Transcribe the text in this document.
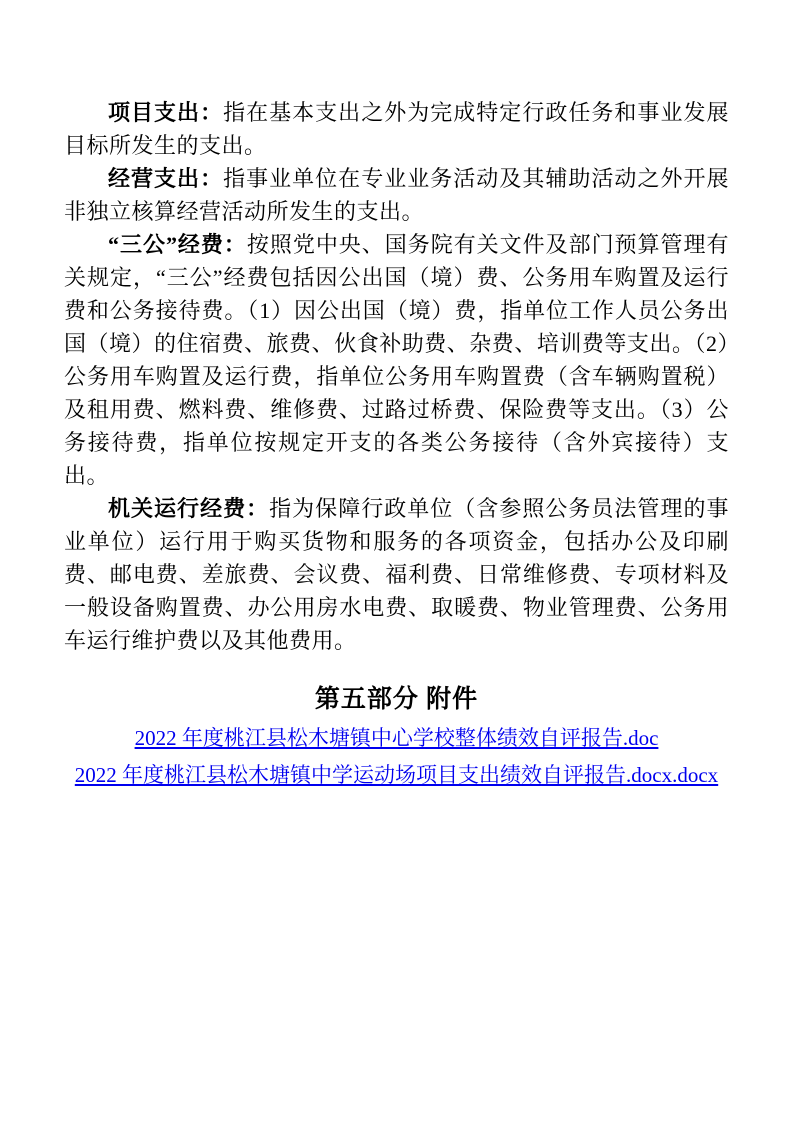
项目支出：指在基本支出之外为完成特定行政任务和事业发展目标所发生的支出。

经营支出：指事业单位在专业业务活动及其辅助活动之外开展非独立核算经营活动所发生的支出。

“三公”经费：按照党中央、国务院有关文件及部门预算管理有关规定，“三公”经费包括因公出国（境）费、公务用车购置及运行费和公务接待费。（1）因公出国（境）费，指单位工作人员公务出国（境）的住宿费、旅费、伙食补助费、杂费、培训费等支出。（2）公务用车购置及运行费，指单位公务用车购置费（含车辆购置税）及租用费、燃料费、维修费、过路过桥费、保险费等支出。（3）公务接待费，指单位按规定开支的各类公务接待（含外宾接待）支出。

机关运行经费：指为保障行政单位（含参照公务员法管理的事业单位）运行用于购买货物和服务的各项资金，包括办公及印刷费、邮电费、差旅费、会议费、福利费、日常维修费、专项材料及一般设备购置费、办公用房水电费、取暖费、物业管理费、公务用车运行维护费以及其他费用。

第五部分 附件
2022 年度桃江县松木塘镇中心学校整体绩效自评报告.doc
2022 年度桃江县松木塘镇中学运动场项目支出绩效自评报告.docx.docx
